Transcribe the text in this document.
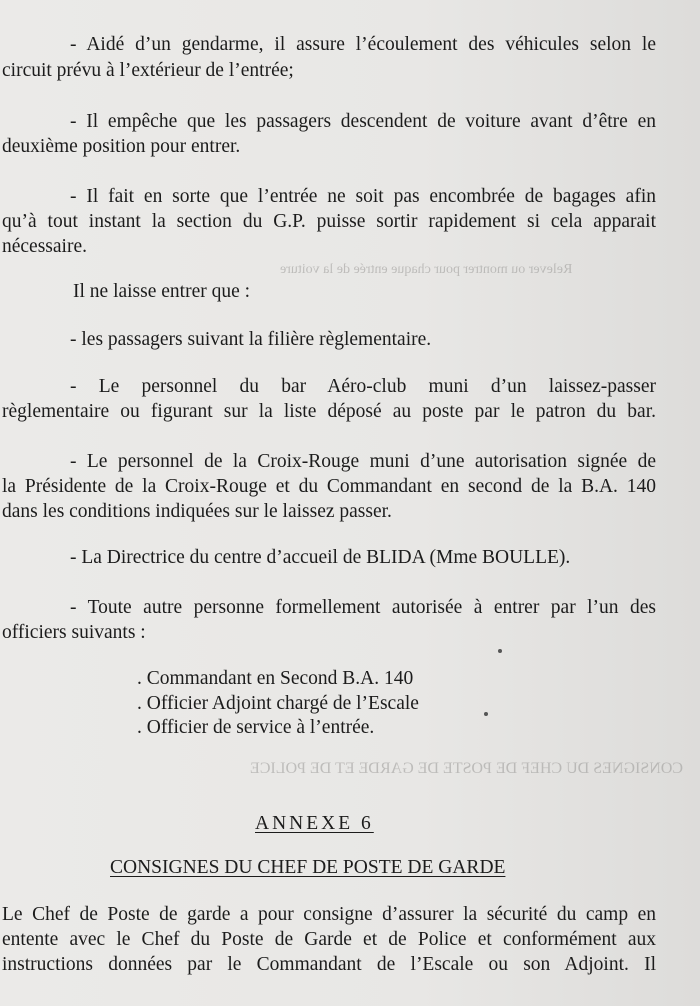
CONSIGNES DU CHEF DE POSTE DE GARDE ET DE POLICE
Relever ou montrer pour chaque entrée de la voiture
- Aidé d’un gendarme, il assure l’écoulement des véhicules selon le
circuit prévu à l’extérieur de l’entrée;
- Il empêche que les passagers descendent de voiture avant d’être en
deuxième position pour entrer.
- Il fait en sorte que l’entrée ne soit pas encombrée de bagages afin
qu’à tout instant la section du G.P. puisse sortir rapidement si cela apparait
nécessaire.
Il ne laisse entrer que :
- les passagers suivant la filière règlementaire.
- Le personnel du bar Aéro-club muni d’un laissez-passer
règlementaire ou figurant sur la liste déposé au poste par le patron du bar.
- Le personnel de la Croix-Rouge muni d’une autorisation signée de
la Présidente de la Croix-Rouge et du Commandant en second de la B.A. 140
dans les conditions indiquées sur le laissez passer.
- La Directrice du centre d’accueil de BLIDA (Mme BOULLE).
- Toute autre personne formellement autorisée à entrer par l’un des
officiers suivants :
. Commandant en Second B.A. 140
. Officier Adjoint chargé de l’Escale
. Officier de service à l’entrée.
ANNEXE 6
CONSIGNES DU CHEF DE POSTE DE GARDE
Le Chef de Poste de garde a pour consigne d’assurer la sécurité du camp en
entente avec le Chef du Poste de Garde et de Police et conformément aux
instructions données par le Commandant de l’Escale ou son Adjoint. Il
